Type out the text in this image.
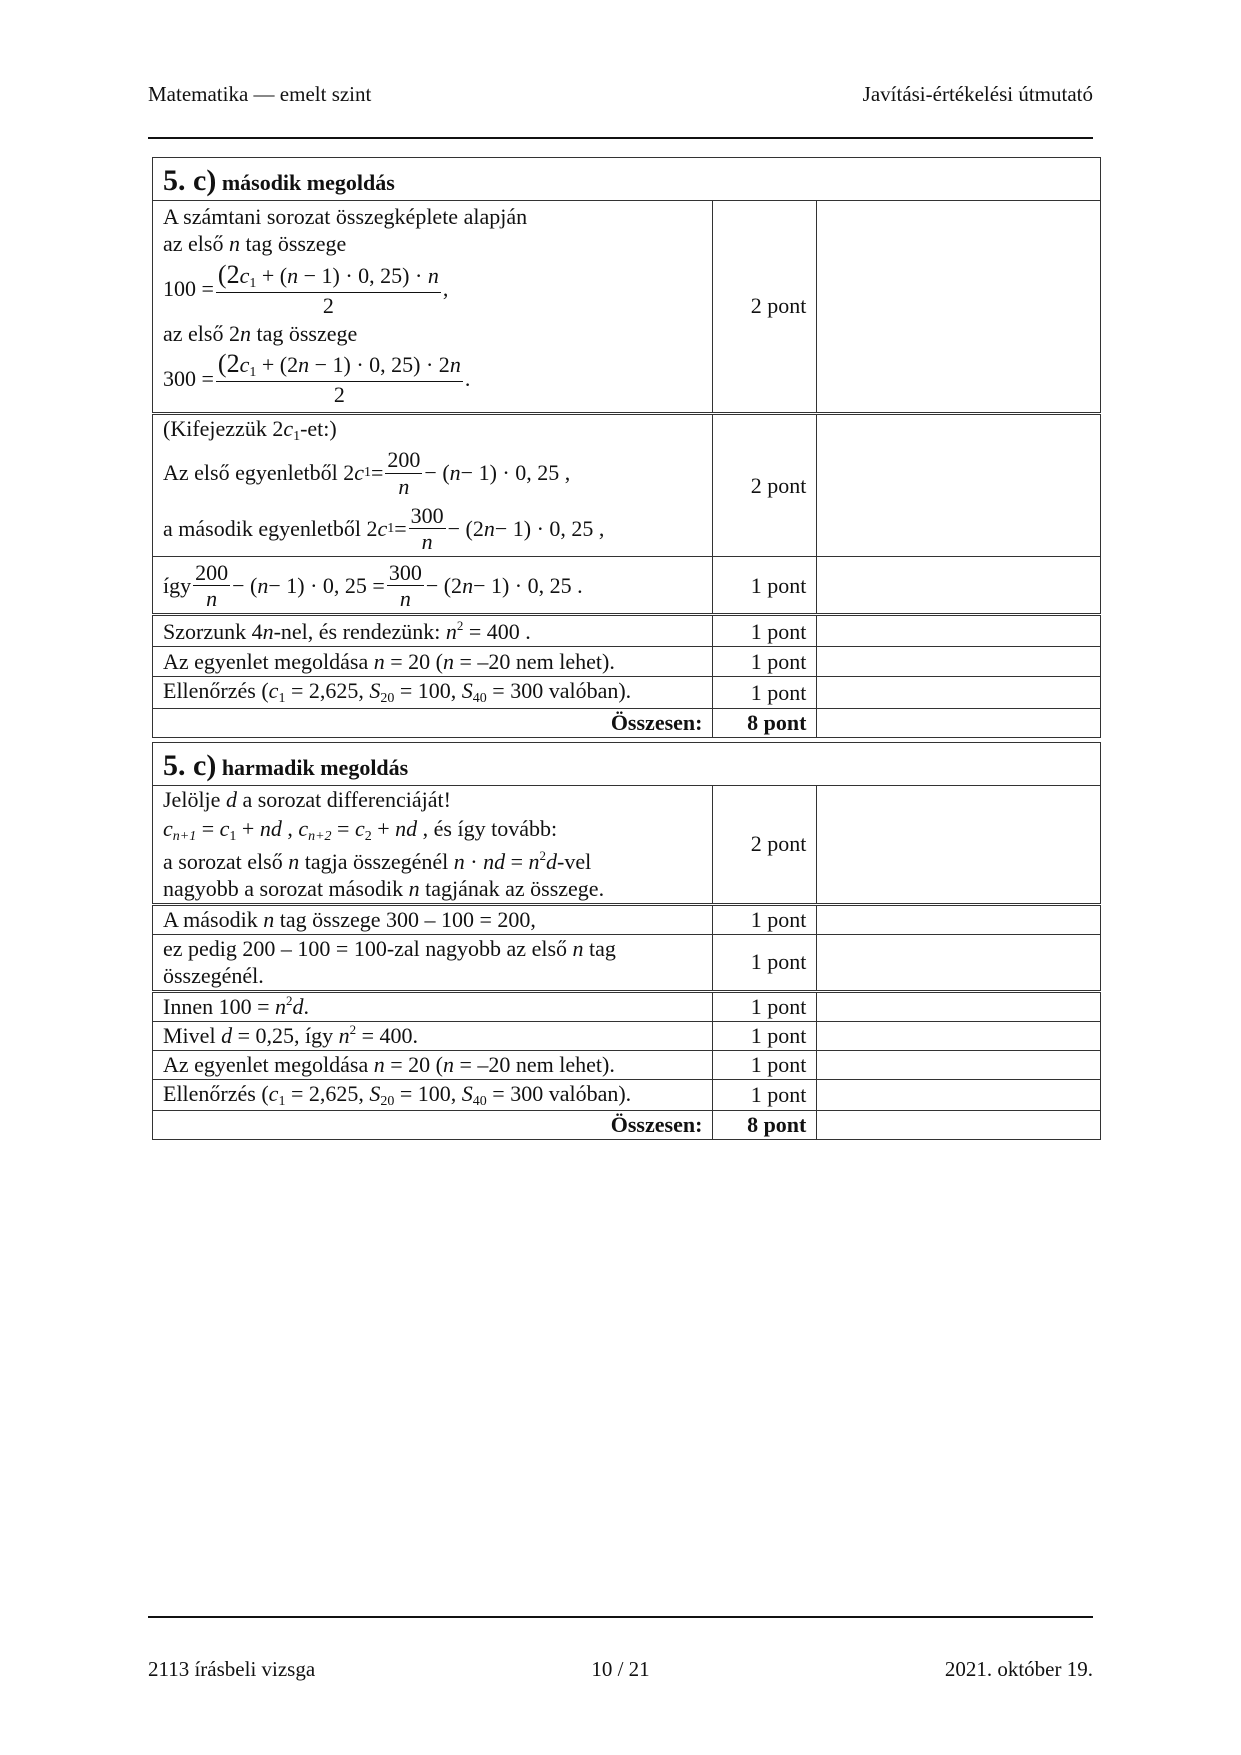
Matematika — emelt szint	Javítási-értékelési útmutató
5. c) második megoldás		

A számtani sorozat összegképlete alapján
az első n tag összege
$100 = \frac{(2c_1 + (n - 1) \cdot 0, 25) \cdot n}{2}$ ,
az első 2n tag összege
$300 = \frac{(2c_1 + (2n - 1) \cdot 0, 25) \cdot 2n}{2}$ .
	2 pont	

(Kifejezzük $2c_1-et$:)
Az első egyenletből 2 c $1 = \frac{200}{n}$ − ( n − 1) · 0, 25 ,
a második egyenletből 2 c $1 = \frac{300}{n} - (2$ n − 1) · 0, 25 ,
	2 pont	

így $\frac{200}{n}$ − ( n − 1) · 0, $25 = \frac{300}{n} - (2$ n − 1) · 0, 25 .	1 pont	
Szorzunk 4n-nel, és rendezünk: $n^2 = 400$ .	1 pont	
Az egyenlet megoldása n = 20 (n = –20 nem lehet).	1 pont	
Ellenőrzés ($c_1 = 2,625$, $S_{20} = 100$, $S_{40} = 300$ valóban).	1 pont	
Összesen:	8 pont	
5. c) harmadik megoldás		

Jelölje d a sorozat differenciáját!
$c_{n+1} = c_1$ + nd , $c_{n+2} = c_2$ + nd , és így tovább:
a sorozat első n tagja összegénél n · nd = $n^2d$-vel
nagyobb a sorozat második n tagjának az összege.	2 pont	
A második n tag összege 300 – 100 = 200,	1 pont	

ez pedig 200 – 100 = 100-zal nagyobb az első n tag
összegénél.	1 pont	
Innen $100 = n^2d$.	1 pont	
Mivel d = 0,25, így $n^2 = 400$.	1 pont	
Az egyenlet megoldása n = 20 (n = –20 nem lehet).	1 pont	
Ellenőrzés ($c_1 = 2,625$, $S_{20} = 100$, $S_{40} = 300$ valóban).	1 pont	
Összesen:	8 pont	
2113 írásbeli vizsga	10 / 21	2021. október 19.
